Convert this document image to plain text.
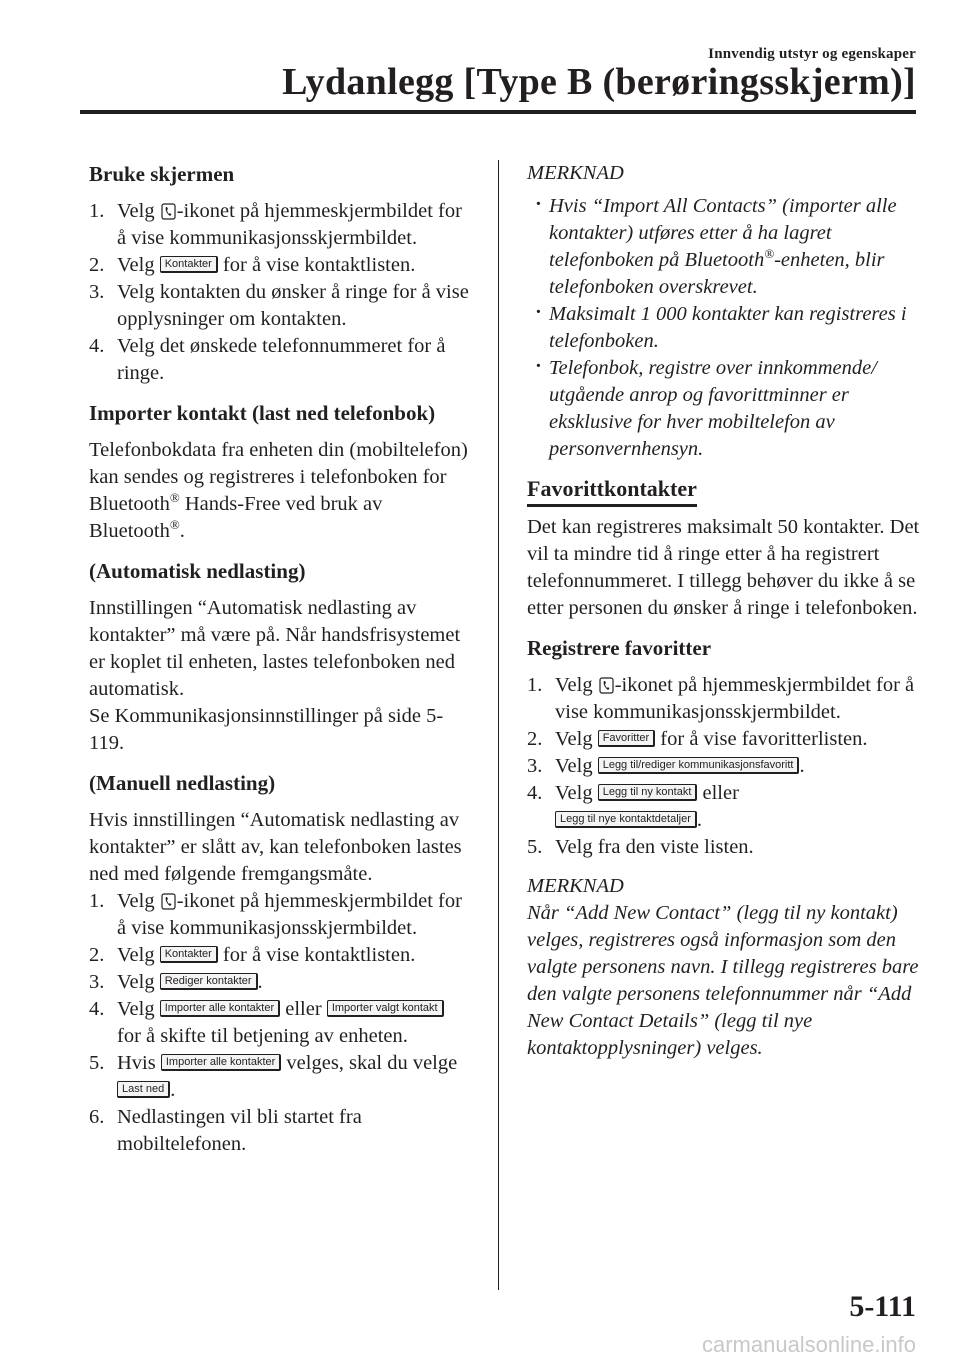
Innvendig utstyr og egenskaper
Lydanlegg [Type B (berøringsskjerm)]
Bruke skjermen
1. Velg -ikonet på hjemmeskjermbildet for å vise kommunikasjonsskjermbildet.
2. Velg Kontakter for å vise kontaktlisten.
3. Velg kontakten du ønsker å ringe for å vise opplysninger om kontakten.
4. Velg det ønskede telefonnummeret for å ringe.
Importer kontakt (last ned telefonbok)

Telefonbokdata fra enheten din (mobiltelefon) kan sendes og registreres i telefonboken for Bluetooth® Hands-Free ved bruk av Bluetooth®.

(Automatisk nedlasting)

Innstillingen “Automatisk nedlasting av kontakter” må være på. Når handsfrisystemet er koplet til enheten, lastes telefonboken ned automatisk.

Se Kommunikasjonsinnstillinger på side 5-119.

(Manuell nedlasting)

Hvis innstillingen “Automatisk nedlasting av kontakter” er slått av, kan telefonboken lastes ned med følgende fremgangsmåte.

1. Velg -ikonet på hjemmeskjermbildet for å vise kommunikasjonsskjermbildet.
2. Velg Kontakter for å vise kontaktlisten.
3. Velg Rediger kontakter .
4. Velg Importer alle kontakter eller Importer valgt kontakt for å skifte til betjening av enheten.
5. Hvis Importer alle kontakter velges, skal du velge Last ned .
6. Nedlastingen vil bli startet fra mobiltelefonen.
MERKNAD
· Hvis “Import All Contacts” (importer alle kontakter) utføres etter å ha lagret telefonboken på Bluetooth®-enheten, blir telefonboken overskrevet.
· Maksimalt 1 000 kontakter kan registreres i telefonboken.
· Telefonbok, registre over innkommende/ utgående anrop og favorittminner er eksklusive for hver mobiltelefon av personvernhensyn.
Favorittkontakter

Det kan registreres maksimalt 50 kontakter. Det vil ta mindre tid å ringe etter å ha registrert telefonnummeret. I tillegg behøver du ikke å se etter personen du ønsker å ringe i telefonboken.

Registrere favoritter
1. Velg -ikonet på hjemmeskjermbildet for å vise kommunikasjonsskjermbildet.
2. Velg Favoritter for å vise favoritterlisten.
3. Velg Legg til/rediger kommunikasjonsfavoritt .
4. Velg Legg til ny kontakt eller
Legg til nye kontaktdetaljer .
5. Velg fra den viste listen.
MERKNAD

Når “Add New Contact” (legg til ny kontakt) velges, registreres også informasjon som den valgte personens navn. I tillegg registreres bare den valgte personens telefonnummer når “Add New Contact Details” (legg til nye kontaktopplysninger) velges.

5-111
carmanualsonline.info
